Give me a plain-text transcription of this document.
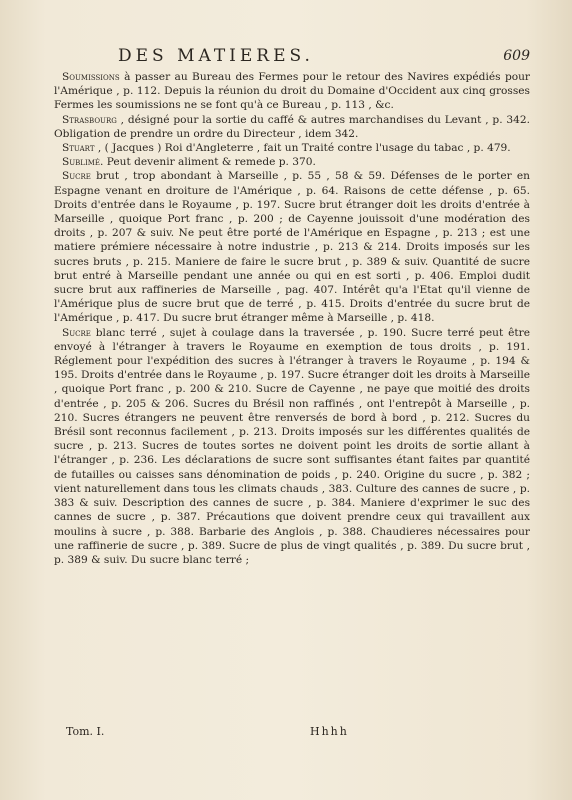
DES MATIERES.	609

Soumissions à passer au Bureau des Fermes pour le retour des Navires expédiés pour l'Amérique , p. 112. Depuis la réunion du droit du Domaine d'Occident aux cinq grosses Fermes les soumissions ne se font qu'à ce Bureau , p. 113 , &c.

Strasbourg , désigné pour la sortie du caffé & autres marchandises du Levant , p. 342. Obligation de prendre un ordre du Directeur , idem 342.

Stuart , ( Jacques ) Roi d'Angleterre , fait un Traité contre l'usage du tabac , p. 479.

Sublimé. Peut devenir aliment & remede p. 370.

Sucre brut , trop abondant à Marseille , p. 55 , 58 & 59. Défenses de le porter en Espagne venant en droiture de l'Amérique , p. 64. Raisons de cette défense , p. 65. Droits d'entrée dans le Royaume , p. 197. Sucre brut étranger doit les droits d'entrée à Marseille , quoique Port franc , p. 200 ; de Cayenne jouissoit d'une modération des droits , p. 207 & suiv. Ne peut être porté de l'Amérique en Espagne , p. 213 ; est une matiere prémiere nécessaire à notre industrie , p. 213 & 214. Droits imposés sur les sucres bruts , p. 215. Maniere de faire le sucre brut , p. 389 & suiv. Quantité de sucre brut entré à Marseille pendant une année ou qui en est sorti , p. 406. Emploi dudit sucre brut aux raffineries de Marseille , pag. 407. Intérêt qu'a l'Etat qu'il vienne de l'Amérique plus de sucre brut que de terré , p. 415. Droits d'entrée du sucre brut de l'Amérique , p. 417. Du sucre brut étranger même à Marseille , p. 418.

Sucre blanc terré , sujet à coulage dans la traversée , p. 190. Sucre terré peut être envoyé à l'étranger à travers le Royaume en exemption de tous droits , p. 191. Réglement pour l'expédition des sucres à l'étranger à travers le Royaume , p. 194 & 195. Droits d'entrée dans le Royaume , p. 197. Sucre étranger doit les droits à Marseille , quoique Port franc , p. 200 & 210. Sucre de Cayenne , ne paye que moitié des droits d'entrée , p. 205 & 206. Sucres du Brésil non raffinés , ont l'entrepôt à Marseille , p. 210. Sucres étrangers ne peuvent être renversés de bord à bord , p. 212. Sucres du Brésil sont reconnus facilement , p. 213. Droits imposés sur les différentes qualités de sucre , p. 213. Sucres de toutes sortes ne doivent point les droits de sortie allant à l'étranger , p. 236. Les déclarations de sucre sont suffisantes étant faites par quantité de futailles ou caisses sans dénomination de poids , p. 240. Origine du sucre , p. 382 ; vient naturellement dans tous les climats chauds , 383. Culture des cannes de sucre , p. 383 & suiv. Description des cannes de sucre , p. 384. Maniere d'exprimer le suc des cannes de sucre , p. 387. Précautions que doivent prendre ceux qui travaillent aux moulins à sucre , p. 388. Barbarie des Anglois , p. 388. Chaudieres nécessaires pour une raffinerie de sucre , p. 389. Sucre de plus de vingt qualités , p. 389. Du sucre brut , p. 389 & suiv. Du sucre blanc terré ;

Tom. I.	Hhhh
